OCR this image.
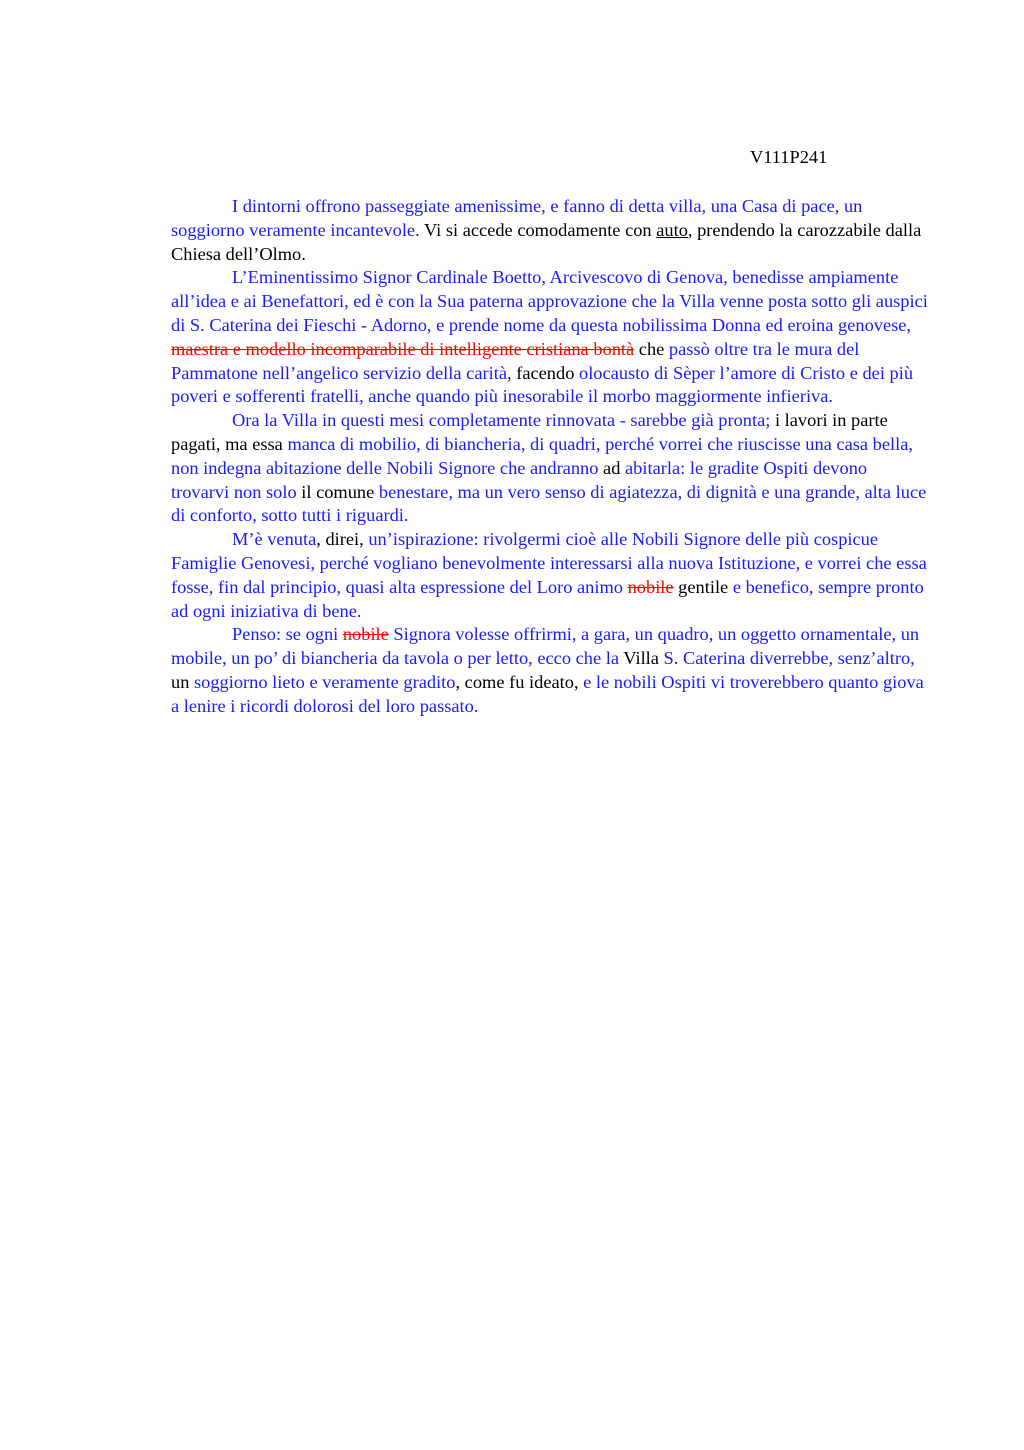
V111P241

I dintorni offrono passeggiate amenissime, e fanno di detta villa, una Casa di pace, un soggiorno veramente incantevole. Vi si accede comodamente con auto, prendendo la carozzabile dalla Chiesa dell’Olmo.

L’Eminentissimo Signor Cardinale Boetto, Arcivescovo di Genova, benedisse ampiamente all’idea e ai Benefattori, ed è con la Sua paterna approvazione che la Villa venne posta sotto gli auspici di S. Caterina dei Fieschi - Adorno, e prende nome da questa nobilissima Donna ed eroina genovese, maestra e modello incomparabile di intelligente cristiana bontà che passò oltre tra le mura del Pammatone nell’angelico servizio della carità, facendo olocausto di Sèper l’amore di Cristo e dei più poveri e sofferenti fratelli, anche quando più inesorabile il morbo maggiormente infieriva.

Ora la Villa in questi mesi completamente rinnovata - sarebbe già pronta; i lavori in parte pagati, ma essa manca di mobilio, di biancheria, di quadri, perché vorrei che riuscisse una casa bella, non indegna abitazione delle Nobili Signore che andranno ad abitarla: le gradite Ospiti devono trovarvi non solo il comune benestare, ma un vero senso di agiatezza, di dignità e una grande, alta luce di conforto, sotto tutti i riguardi.

M’è venuta, direi, un’ispirazione: rivolgermi cioè alle Nobili Signore delle più cospicue Famiglie Genovesi, perché vogliano benevolmente interessarsi alla nuova Istituzione, e vorrei che essa fosse, fin dal principio, quasi alta espressione del Loro animo nobile gentile e benefico, sempre pronto ad ogni iniziativa di bene.

Penso: se ogni nobile Signora volesse offrirmi, a gara, un quadro, un oggetto ornamentale, un mobile, un po’ di biancheria da tavola o per letto, ecco che la Villa S. Caterina diverrebbe, senz’altro, un soggiorno lieto e veramente gradito, come fu ideato, e le nobili Ospiti vi troverebbero quanto giova a lenire i ricordi dolorosi del loro passato.
